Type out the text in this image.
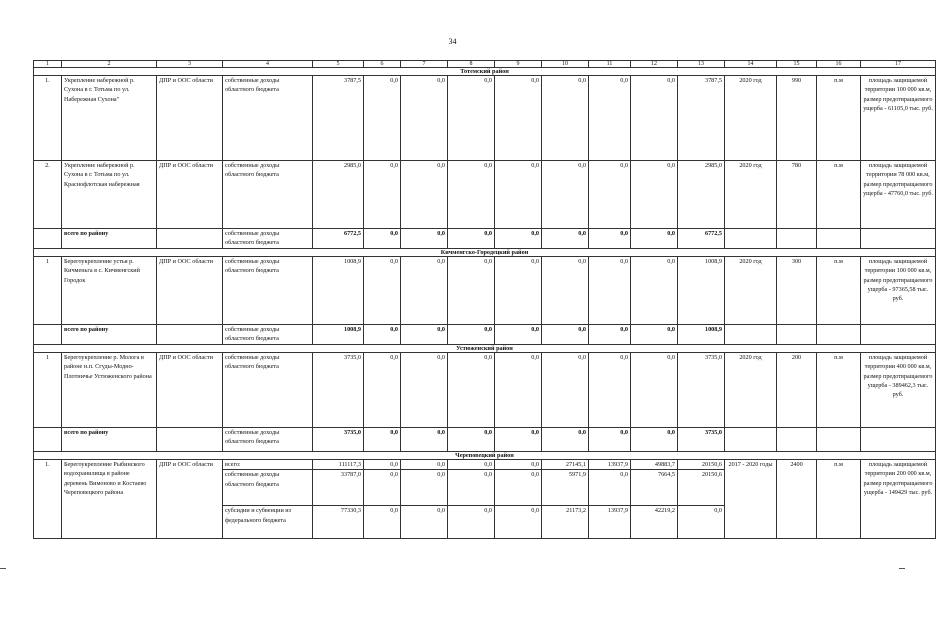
34
1	2	3	4	5	6	7	8	9	10	11	12	13	14	15	16	17
Тотемский район																
1.	Укрепление набережной р. Сухона в г. Тотьма по ул. Набережная Сухона"	ДПР и ООС области	собственные доходы областного бюджета	3787,5	0,0	0,0	0,0	0,0	0,0	0,0	0,0	3787,5	2020 год	990	п.м	площадь защищаемой территории 100 000 кв.м, размер предотвращаемого ущерба - 61105,0 тыс. руб.
2.	Укрепление набережной р. Сухона в г. Тотьма по ул. Краснофлотская набережная	ДПР и ООС области	собственные доходы областного бюджета	2985,0	0,0	0,0	0,0	0,0	0,0	0,0	0,0	2985,0	2020 год	780	п.м	площадь защищаемой территории 78 000 кв.м, размер предотвращаемого ущерба - 47760,0 тыс. руб.
	всего по району		собственные доходы областного бюджета	6772,5	0,0	0,0	0,0	0,0	0,0	0,0	0,0	6772,5				
Кичменгско-Городецкий район																
1	Берегоукрепление устья р. Кичменьга в с. Кичменгский Городок	ДПР и ООС области	собственные доходы областного бюджета	1008,9	0,0	0,0	0,0	0,0	0,0	0,0	0,0	1008,9	2020 год	300	п.м	площадь защищаемой территории 100 000 кв.м, размер предотвращаемого ущерба - 97365,58 тыс. руб.
	всего по району		собственные доходы областного бюджета	1008,9	0,0	0,0	0,0	0,0	0,0	0,0	0,0	1008,9				
Устюженский район																
1	Берегоукрепление р. Молога в районе н.п. Сгуды-Модно-Плотничье Устюженского района	ДПР и ООС области	собственные доходы областного бюджета	3735,0	0,0	0,0	0,0	0,0	0,0	0,0	0,0	3735,0	2020 год	200	п.м	площадь защищаемой территории 400 000 кв.м, размер предотвращаемого ущерба - 389462,3 тыс. руб.
	всего по району		собственные доходы областного бюджета	3735,0	0,0	0,0	0,0	0,0	0,0	0,0	0,0	3735,0				
Череповецкий район																
1.	Берегоукрепление Рыбинского водохранилища в районе деревень Вимоново и Костаево Череповецкого района	ДПР и ООС области	всего:	111117,3	0,0	0,0	0,0	0,0	27145,1	13937,9	49883,7	20150,6	2017 - 2020 годы	2400	п.м	площадь защищаемой территории 200 000 кв.м, размер предотвращаемого ущерба - 149429 тыс. руб.
			собственные доходы областного бюджета	33787,0	0,0	0,0	0,0	0,0	5971,9	0,0	7664,5	20150,6				
			субсидии и субвенции из федерального бюджета	77330,3	0,0	0,0	0,0	0,0	21173,2	13937,9	42219,2	0,0				
